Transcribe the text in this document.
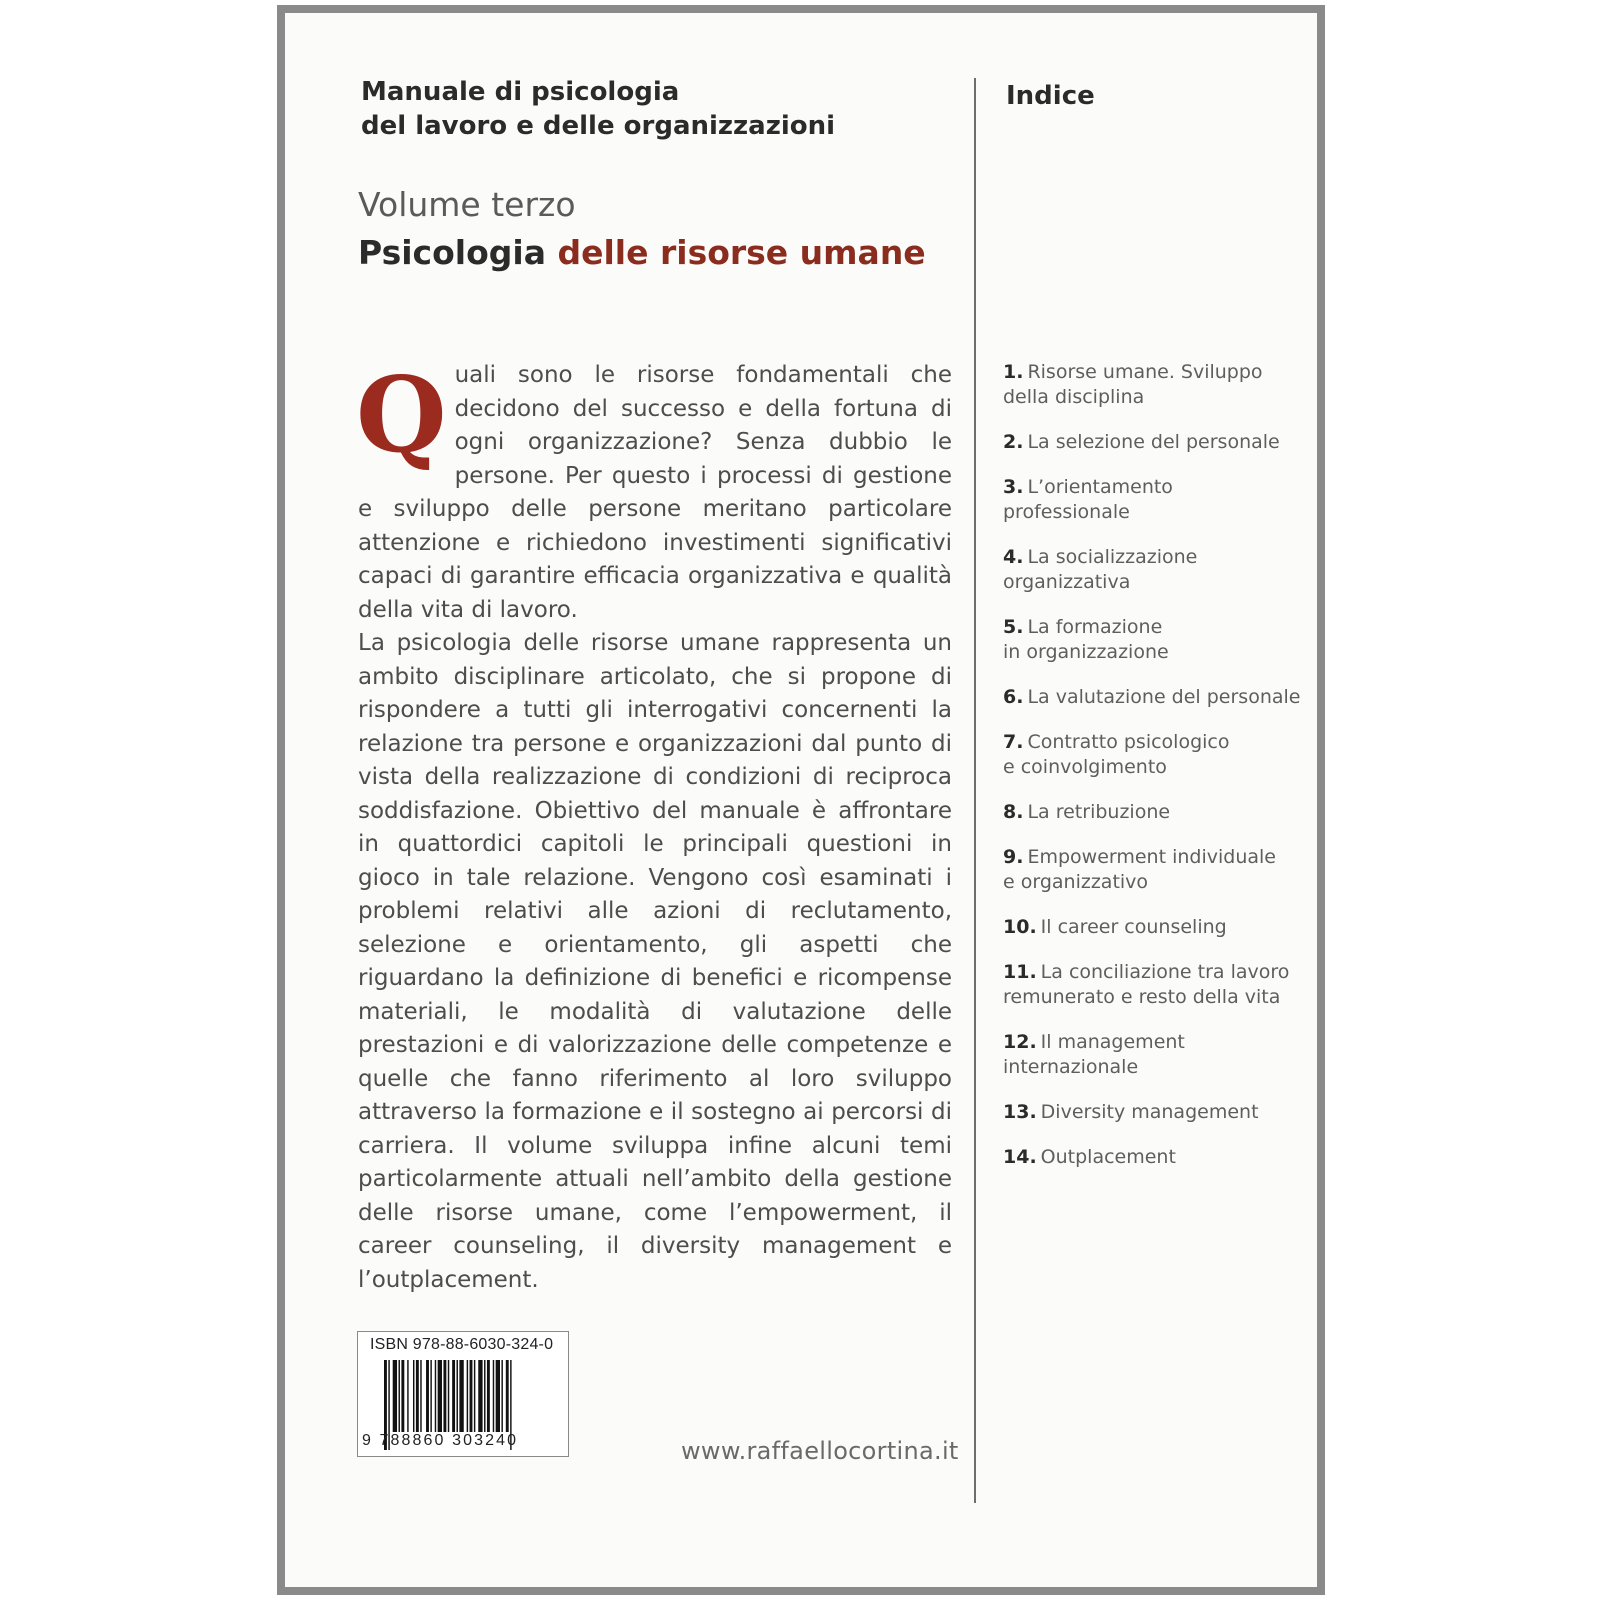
Manuale di psicologia
del lavoro e delle organizzazioni
Volume terzo
Psicologia delle risorse umane

Quali sono le risorse fondamentali che decidono del successo e della fortuna di ogni organizzazione? Senza dubbio le persone. Per questo i processi di gestione e sviluppo delle persone meritano particolare attenzione e richiedono investimenti significativi capaci di garantire efficacia organizzativa e qualità della vita di lavoro.

La psicologia delle risorse umane rappresenta un ambito disciplinare articolato, che si propone di rispondere a tutti gli interrogativi concernenti la relazione tra persone e organizzazioni dal punto di vista della realizzazione di condizioni di reciproca soddisfazione. Obiettivo del manuale è affrontare in quattordici capitoli le principali questioni in gioco in tale relazione. Vengono così esaminati i problemi relativi alle azioni di reclutamento, selezione e orientamento, gli aspetti che riguardano la definizione di benefici e ricompense materiali, le modalità di valutazione delle prestazioni e di valorizzazione delle competenze e quelle che fanno riferimento al loro sviluppo attraverso la formazione e il sostegno ai percorsi di carriera. Il volume sviluppa infine alcuni temi particolarmente attuali nell’ambito della gestione delle risorse umane, come l’empowerment, il career counseling, il diversity management e l’outplacement.

Indice
1. Risorse umane. Sviluppo
della disciplina
2. La selezione del personale
3. L’orientamento professionale
4. La socializzazione
organizzativa
5. La formazione
in organizzazione
6. La valutazione del personale
7. Contratto psicologico
e coinvolgimento
8. La retribuzione
9. Empowerment individuale
e organizzativo
10. Il career counseling
11. La conciliazione tra lavoro
remunerato e resto della vita
12. Il management
internazionale
13. Diversity management
14. Outplacement
ISBN 978-88-6030-324-0
9 788860 303240	www.raffaellocortina.it
